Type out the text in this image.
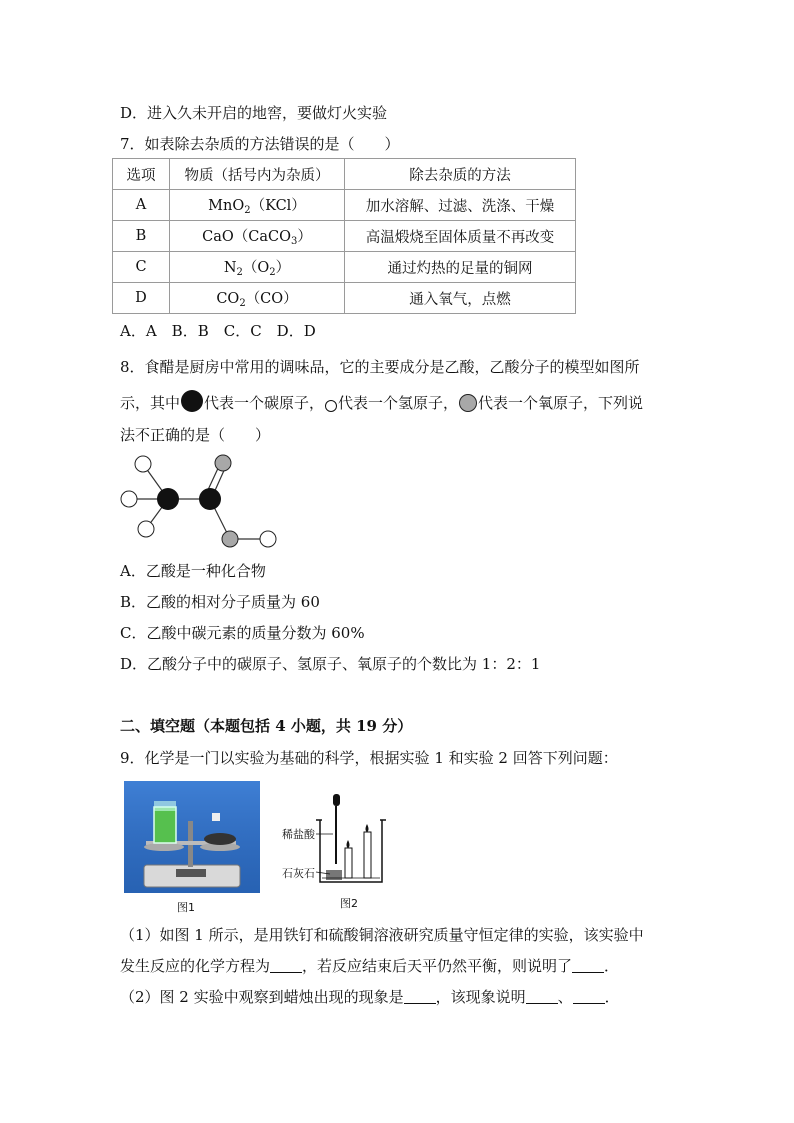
D．进入久未开启的地窖，要做灯火实验
7．如表除去杂质的方法错误的是（　　）
选项	物质（括号内为杂质）	除去杂质的方法
A	MnO$_2$（KCl）	加水溶解、过滤、洗涤、干燥
B	CaO（CaCO$_3$）	高温煅烧至固体质量不再改变
C	$N_2(O_2)$	通过灼热的足量的铜网
D	$CO_2(CO)$	通入氧气，点燃
A．A　B．B　C．C　D．D
8．食醋是厨房中常用的调味品，它的主要成分是乙酸，乙酸分子的模型如图所
示，其中 代表一个碳原子， 代表一个氢原子， 代表一个氧原子，下列说
法不正确的是（　　）
A．乙酸是一种化合物
B．乙酸的相对分子质量为 60
C．乙酸中碳元素的质量分数为 60%
D．乙酸分子中的碳原子、氢原子、氧原子的个数比为 1：2：1
二、填空题（本题包括 4 小题，共 19 分）
9．化学是一门以实验为基础的科学，根据实验 1 和实验 2 回答下列问题：
图1
稀盐酸
石灰石
图2
（1）如图 1 所示，是用铁钉和硫酸铜溶液研究质量守恒定律的实验，该实验中
发生反应的化学方程为 ，若反应结束后天平仍然平衡，则说明了 ．
（2）图 2 实验中观察到蜡烛出现的现象是 ，该现象说明 、 ．
